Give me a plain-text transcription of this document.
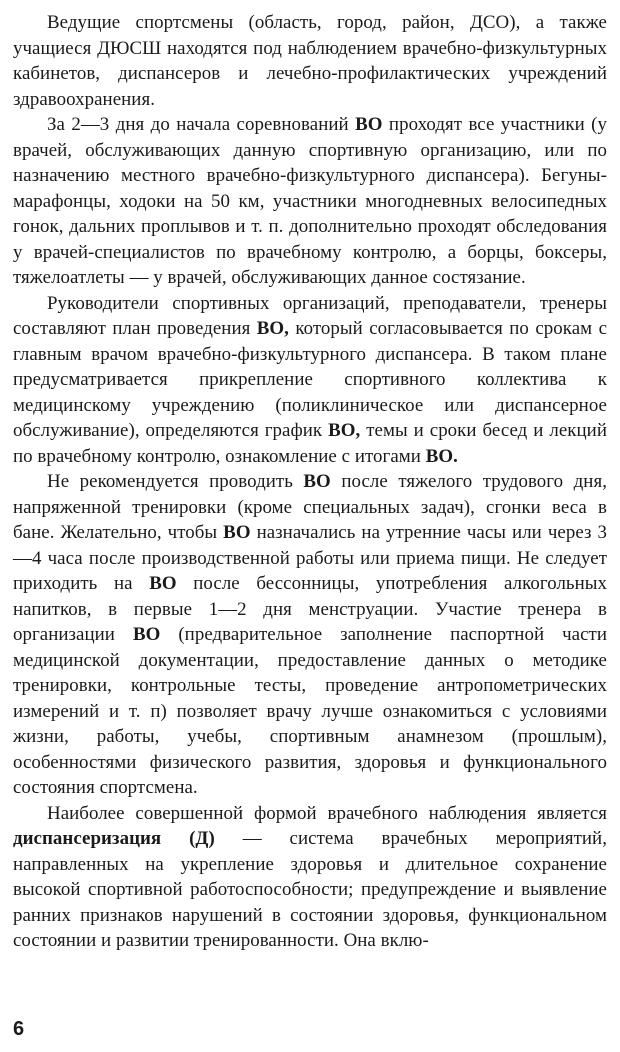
Ведущие спортсмены (область, город, район, ДСО), а также учащиеся ДЮСШ находятся под наблюдением врачебно-физкультурных кабинетов, диспансеров и лечебно-профилактических учреждений здравоохранения.

За 2—3 дня до начала соревнований ВО проходят все участники (у врачей, обслуживающих данную спортивную организацию, или по назначению местного врачебно-физкультурного диспансера). Бегуны-марафонцы, ходоки на 50 км, участники многодневных велосипедных гонок, дальних проплывов и т. п. дополнительно проходят обследования у врачей-специалистов по врачебному контролю, а борцы, боксеры, тяжелоатлеты — у врачей, обслуживающих данное состязание.

Руководители спортивных организаций, преподаватели, тренеры составляют план проведения ВО, который согласовывается по срокам с главным врачом врачебно-физкультурного диспансера. В таком плане предусматривается прикрепление спортивного коллектива к медицинскому учреждению (поликлиническое или диспансерное обслуживание), определяются график ВО, темы и сроки бесед и лекций по врачебному контролю, ознакомление с итогами ВО.

Не рекомендуется проводить ВО после тяжелого трудового дня, напряженной тренировки (кроме специальных задач), сгонки веса в бане. Желательно, чтобы ВО назначались на утренние часы или через 3—4 часа после производственной работы или приема пищи. Не следует приходить на ВО после бессонницы, употребления алкогольных напитков, в первые 1—2 дня менструации. Участие тренера в организации ВО (предварительное заполнение паспортной части медицинской документации, предоставление данных о методике тренировки, контрольные тесты, проведение антропометрических измерений и т. п) позволяет врачу лучше ознакомиться с условиями жизни, работы, учебы, спортивным анамнезом (прошлым), особенностями физического развития, здоровья и функционального состояния спортсмена.

Наиболее совершенной формой врачебного наблюдения является диспансеризация (Д) — система врачебных мероприятий, направленных на укрепление здоровья и длительное сохранение высокой спортивной работоспособности; предупреждение и выявление ранних признаков нарушений в состоянии здоровья, функциональном состоянии и развитии тренированности. Она вклю-

6
